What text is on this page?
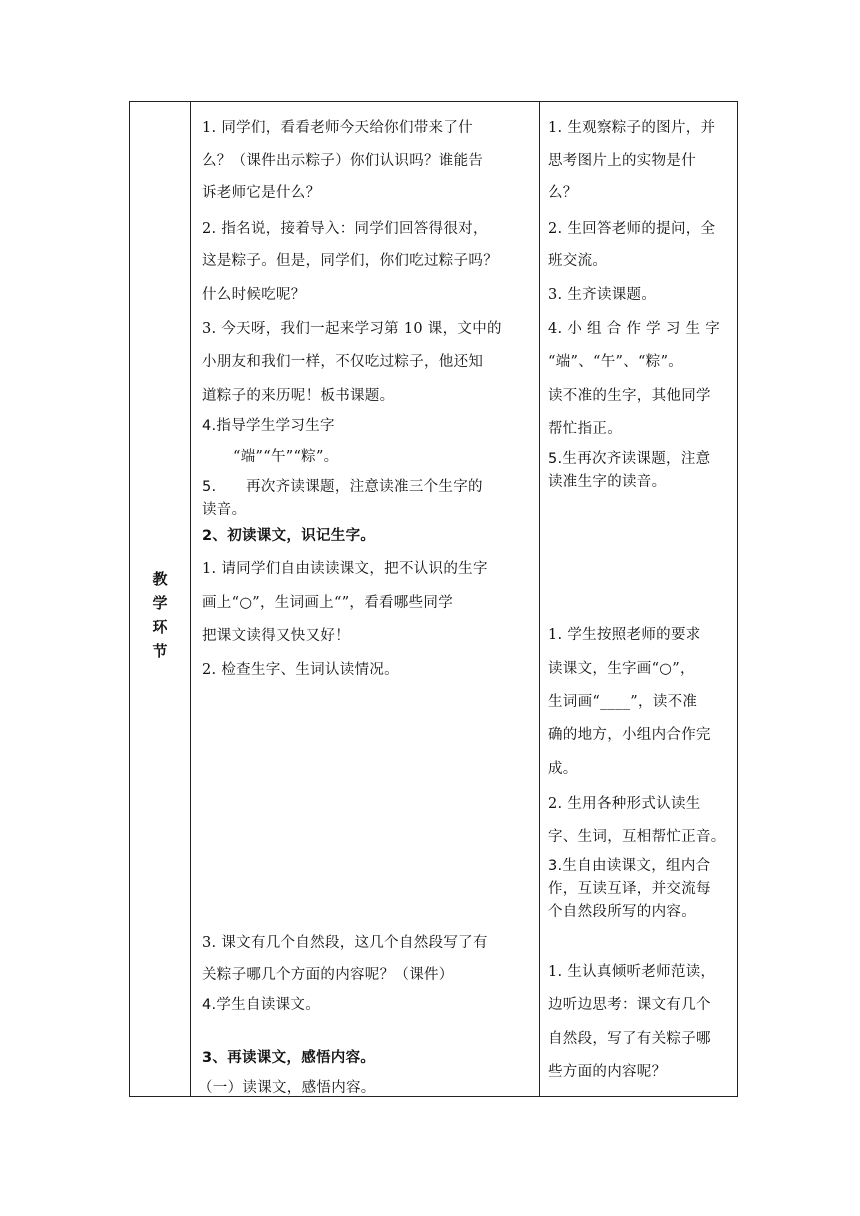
教
学
环
节
1. 同学们，看看老师今天给你们带来了什
么？（课件出示粽子）你们认识吗？谁能告
诉老师它是什么？
2. 指名说，接着导入：同学们回答得很对，
这是粽子。但是，同学们，你们吃过粽子吗？
什么时候吃呢？
3. 今天呀，我们一起来学习第 10 课，文中的
小朋友和我们一样，不仅吃过粽子，他还知
道粽子的来历呢！板书课题。
4.指导学生学习生字
“端”“午”“粽”。
5.　　再次齐读课题，注意读准三个生字的
读音。
2、初读课文，识记生字。
1. 请同学们自由读读课文，把不认识的生字
画上“○”，生词画上“”，看看哪些同学
把课文读得又快又好！
2. 检查生字、生词认读情况。
3. 课文有几个自然段，这几个自然段写了有
关粽子哪几个方面的内容呢？（课件）
4.学生自读课文。
3、再读课文，感悟内容。
（一）读课文，感悟内容。
1. 生观察粽子的图片，并
思考图片上的实物是什
么？
2. 生回答老师的提问，全
班交流。
3. 生齐读课题。
4. 小 组 合 作 学 习 生 字
“端”、“午”、“粽”。
读不准的生字，其他同学
帮忙指正。
5.生再次齐读课题，注意
读准生字的读音。
1. 学生按照老师的要求
读课文，生字画“○”，
生词画“____”，读不准
确的地方，小组内合作完
成。
2. 生用各种形式认读生
字、生词，互相帮忙正音。
3.生自由读课文，组内合
作，互读互译，并交流每
个自然段所写的内容。
1. 生认真倾听老师范读，
边听边思考：课文有几个
自然段，写了有关粽子哪
些方面的内容呢？
